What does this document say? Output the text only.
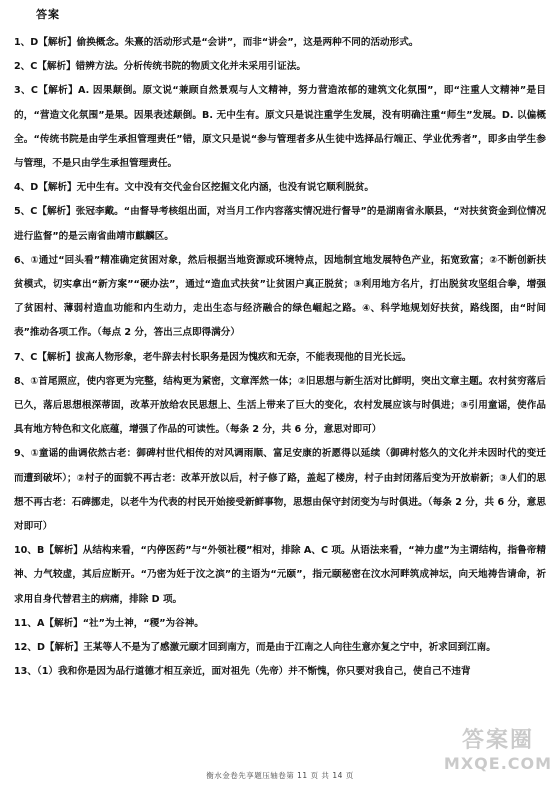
答案
1、D【解析】偷换概念。朱熹的活动形式是“会讲”，而非“讲会”，这是两种不同的活动形式。
2、C【解析】错辨方法。分析传统书院的物质文化并未采用引证法。
3、C【解析】A. 因果颠倒。原文说“兼顾自然景观与人文精神，努力营造浓郁的建筑文化氛围”，即“注重人文精神”是目的，“营造文化氛围”是果。因果表述颠倒。B. 无中生有。原文只是说注重学生发展，没有明确注重“师生”发展。D. 以偏概全。“传统书院是由学生承担管理责任”错，原文只是说“参与管理者多从生徒中选择品行端正、学业优秀者”，即多由学生参与管理，不是只由学生承担管理责任。
4、D【解析】无中生有。文中没有交代金台区挖掘文化内涵，也没有说它顺利脱贫。
5、C【解析】张冠李戴。“由督导考核组出面，对当月工作内容落实情况进行督导”的是湖南省永顺县，“对扶贫资金到位情况进行监督”的是云南省曲靖市麒麟区。
6、①通过“回头看”精准确定贫困对象，然后根据当地资源或环境特点，因地制宜地发展特色产业，拓宽致富；②不断创新扶贫模式，切实拿出“新方案”“硬办法”，通过“造血式扶贫”让贫困户真正脱贫；③利用地方名片，打出脱贫攻坚组合拳，增强了贫困村、薄弱村造血功能和内生动力，走出生态与经济融合的绿色崛起之路。④、科学地规划好扶贫，路线图，由“时间表”推动各项工作。（每点 2 分，答出三点即得满分）
7、C【解析】拔高人物形象，老牛辞去村长职务是因为愧疚和无奈，不能表现他的目光长远。
8、①首尾照应，使内容更为完整，结构更为紧密，文章浑然一体；②旧思想与新生活对比鲜明，突出文章主题。农村贫穷落后已久，落后思想根深蒂固，改革开放给农民思想上、生活上带来了巨大的变化，农村发展应该与时俱进；③引用童谣，使作品具有地方特色和文化底蕴，增强了作品的可读性。（每条 2 分，共 6 分，意思对即可）
9、①童谣的曲调依然古老：御碑村世代相传的对风调雨顺、富足安康的祈愿得以延续（御碑村悠久的文化并未因时代的变迁而遭到破坏）；②村子的面貌不再古老：改革开放以后，村子修了路，盖起了楼房，村子由封闭落后变为开放崭新；③人们的思想不再古老：石碑挪走，以老牛为代表的村民开始接受新鲜事物，思想由保守封闭变为与时俱进。（每条 2 分，共 6 分，意思对即可）
10、B【解析】从结构来看，“内停医药”与“外领社稷”相对，排除 A、C 项。从语法来看，“神力虚”为主谓结构，指鲁帝精神、力气较虚，其后应断开。“乃密为妊于汶之滨”的主语为“元颐”，指元颐秘密在汶水河畔筑成神坛，向天地祷告请命，祈求用自身代替君主的病痛，排除 D 项。
11、A【解析】“社”为土神，“稷”为谷神。
12、D【解析】王某等人不是为了感激元颐才回到南方，而是由于江南之人向往生意亦复之宁中，祈求回到江南。
13、（1）我和你是因为品行道德才相互亲近，面对祖先（先帝）并不惭愧，你只要对我自己，使自己不违背
答案圈
MXQE.COM
衡水金卷先享题压轴卷第 11 页 共 14 页
